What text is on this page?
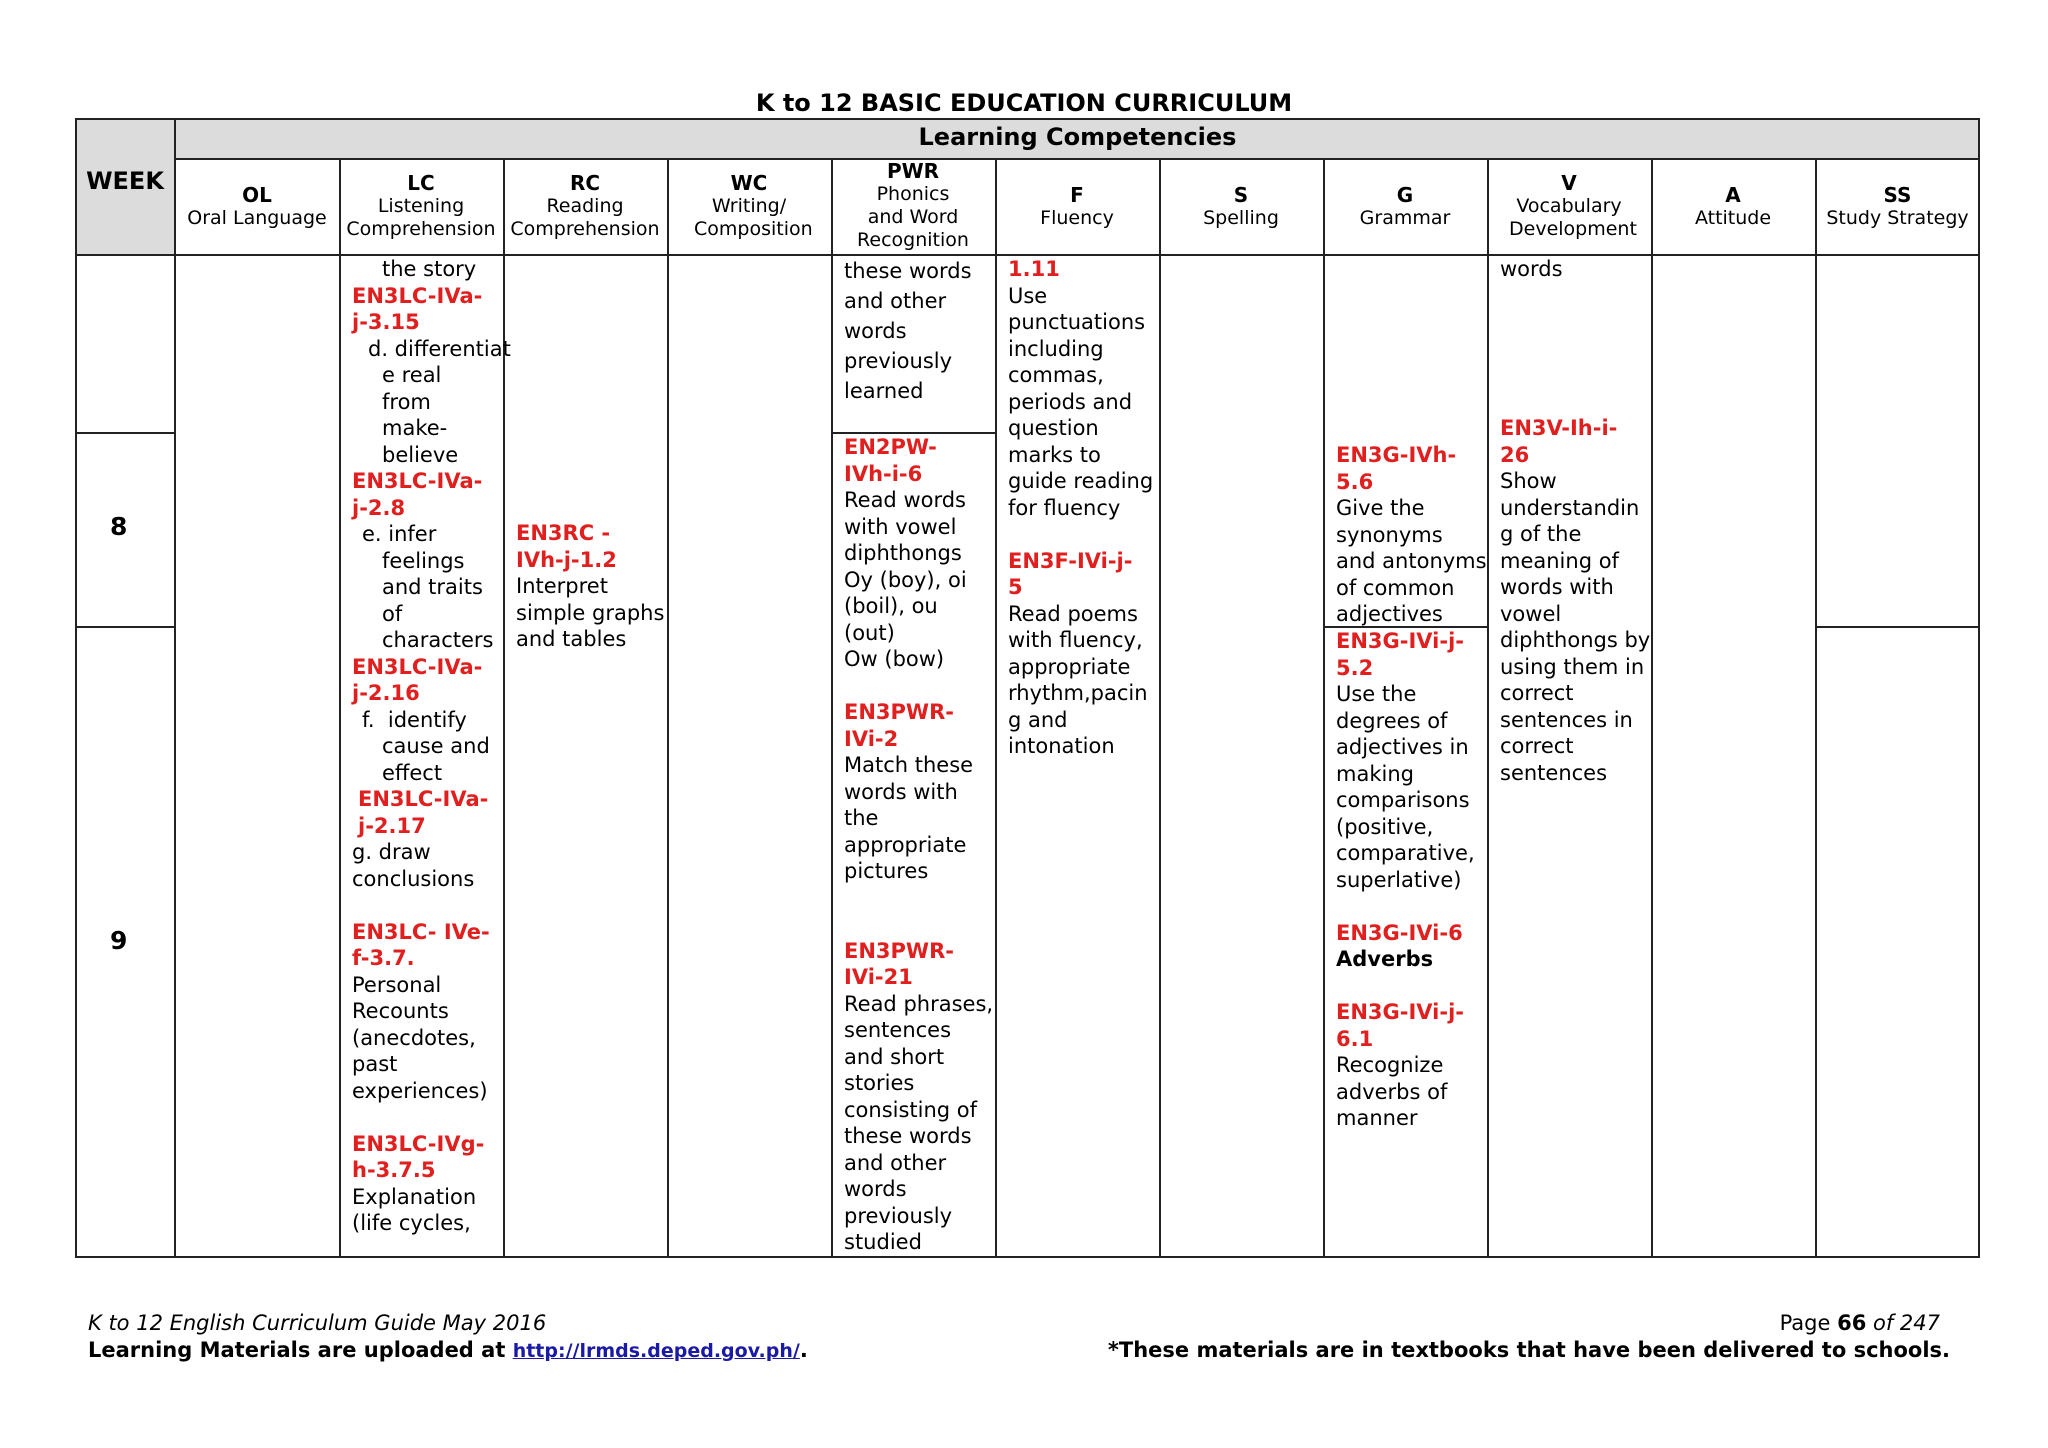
K to 12 BASIC EDUCATION CURRICULUM
WEEK
Learning Competencies
OL
Oral Language
LC
Listening Comprehension
RC
Reading Comprehension
WC
Writing/ Composition
PWR
Phonics and Word Recognition
F
Fluency
S
Spelling
G
Grammar
V
Vocabulary Development
A
Attitude
SS
Study Strategy
8
9
the story
EN3LC-IVa-
j-3.15
d. differentiat
e real
from
make-
believe
EN3LC-IVa-
j-2.8
e. infer
feelings
and traits
of
characters
EN3LC-IVa-
j-2.16
f.  identify
cause and
effect
EN3LC-IVa-
j-2.17
g. draw
conclusions
EN3LC- IVe-
f-3.7.
Personal
Recounts
(anecdotes,
past
experiences)
EN3LC-IVg-
h-3.7.5
Explanation
(life cycles,
EN3RC -
IVh-j-1.2
Interpret
simple graphs
and tables
these words
and other
words
previously
learned
EN2PW-
IVh-i-6
Read words
with vowel
diphthongs
Oy (boy), oi
(boil), ou
(out)
Ow (bow)
EN3PWR-
IVi-2
Match these
words with
the
appropriate
pictures
EN3PWR-
IVi-21
Read phrases,
sentences
and short
stories
consisting of
these words
and other
words
previously
studied
1.11
Use
punctuations
including
commas,
periods and
question
marks to
guide reading
for fluency
EN3F-IVi-j-
5
Read poems
with fluency,
appropriate
rhythm,pacin
g and
intonation
EN3G-IVh-
5.6
Give the
synonyms
and antonyms
of common
adjectives
EN3G-IVi-j-
5.2
Use the
degrees of
adjectives in
making
comparisons
(positive,
comparative,
superlative)
EN3G-IVi-6
Adverbs
EN3G-IVi-j-
6.1
Recognize
adverbs of
manner
words
EN3V-Ih-i-
26
Show
understandin
g of the
meaning of
words with
vowel
diphthongs by
using them in
correct
sentences in
correct
sentences
K to 12 English Curriculum Guide May 2016
Learning Materials are uploaded at http://lrmds.deped.gov.ph/.
Page 66 of 247
*These materials are in textbooks that have been delivered to schools.
